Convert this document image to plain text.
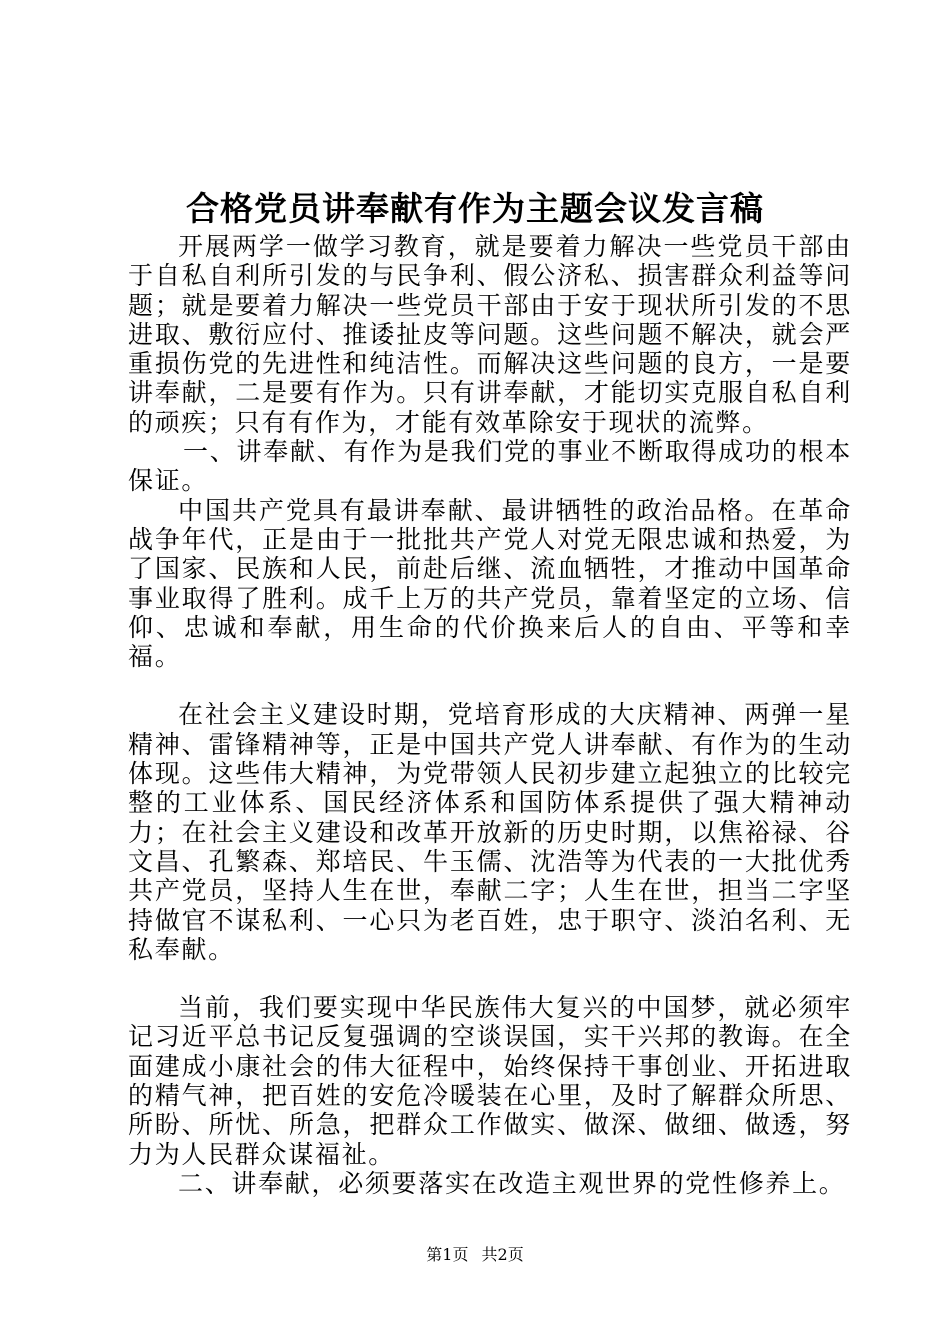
合格党员讲奉献有作为主题会议发言稿

开展两学一做学习教育，就是要着力解决一些党员干部由于自私自利所引发的与民争利、假公济私、损害群众利益等问题；就是要着力解决一些党员干部由于安于现状所引发的不思进取、敷衍应付、推诿扯皮等问题。这些问题不解决，就会严重损伤党的先进性和纯洁性。而解决这些问题的良方，一是要讲奉献，二是要有作为。只有讲奉献，才能切实克服自私自利的顽疾；只有有作为，才能有效革除安于现状的流弊。

一、讲奉献、有作为是我们党的事业不断取得成功的根本保证。

中国共产党具有最讲奉献、最讲牺牲的政治品格。在革命战争年代，正是由于一批批共产党人对党无限忠诚和热爱，为了国家、民族和人民，前赴后继、流血牺牲，才推动中国革命事业取得了胜利。成千上万的共产党员，靠着坚定的立场、信仰、忠诚和奉献，用生命的代价换来后人的自由、平等和幸福。

在社会主义建设时期，党培育形成的大庆精神、两弹一星精神、雷锋精神等，正是中国共产党人讲奉献、有作为的生动体现。这些伟大精神，为党带领人民初步建立起独立的比较完整的工业体系、国民经济体系和国防体系提供了强大精神动力；在社会主义建设和改革开放新的历史时期，以焦裕禄、谷文昌、孔繁森、郑培民、牛玉儒、沈浩等为代表的一大批优秀共产党员，坚持人生在世，奉献二字；人生在世，担当二字坚持做官不谋私利、一心只为老百姓，忠于职守、淡泊名利、无私奉献。

当前，我们要实现中华民族伟大复兴的中国梦，就必须牢记习近平总书记反复强调的空谈误国，实干兴邦的教诲。在全面建成小康社会的伟大征程中，始终保持干事创业、开拓进取的精气神，把百姓的安危冷暖装在心里，及时了解群众所思、所盼、所忧、所急，把群众工作做实、做深、做细、做透，努力为人民群众谋福祉。

二、讲奉献，必须要落实在改造主观世界的党性修养上。

第1页 共2页
